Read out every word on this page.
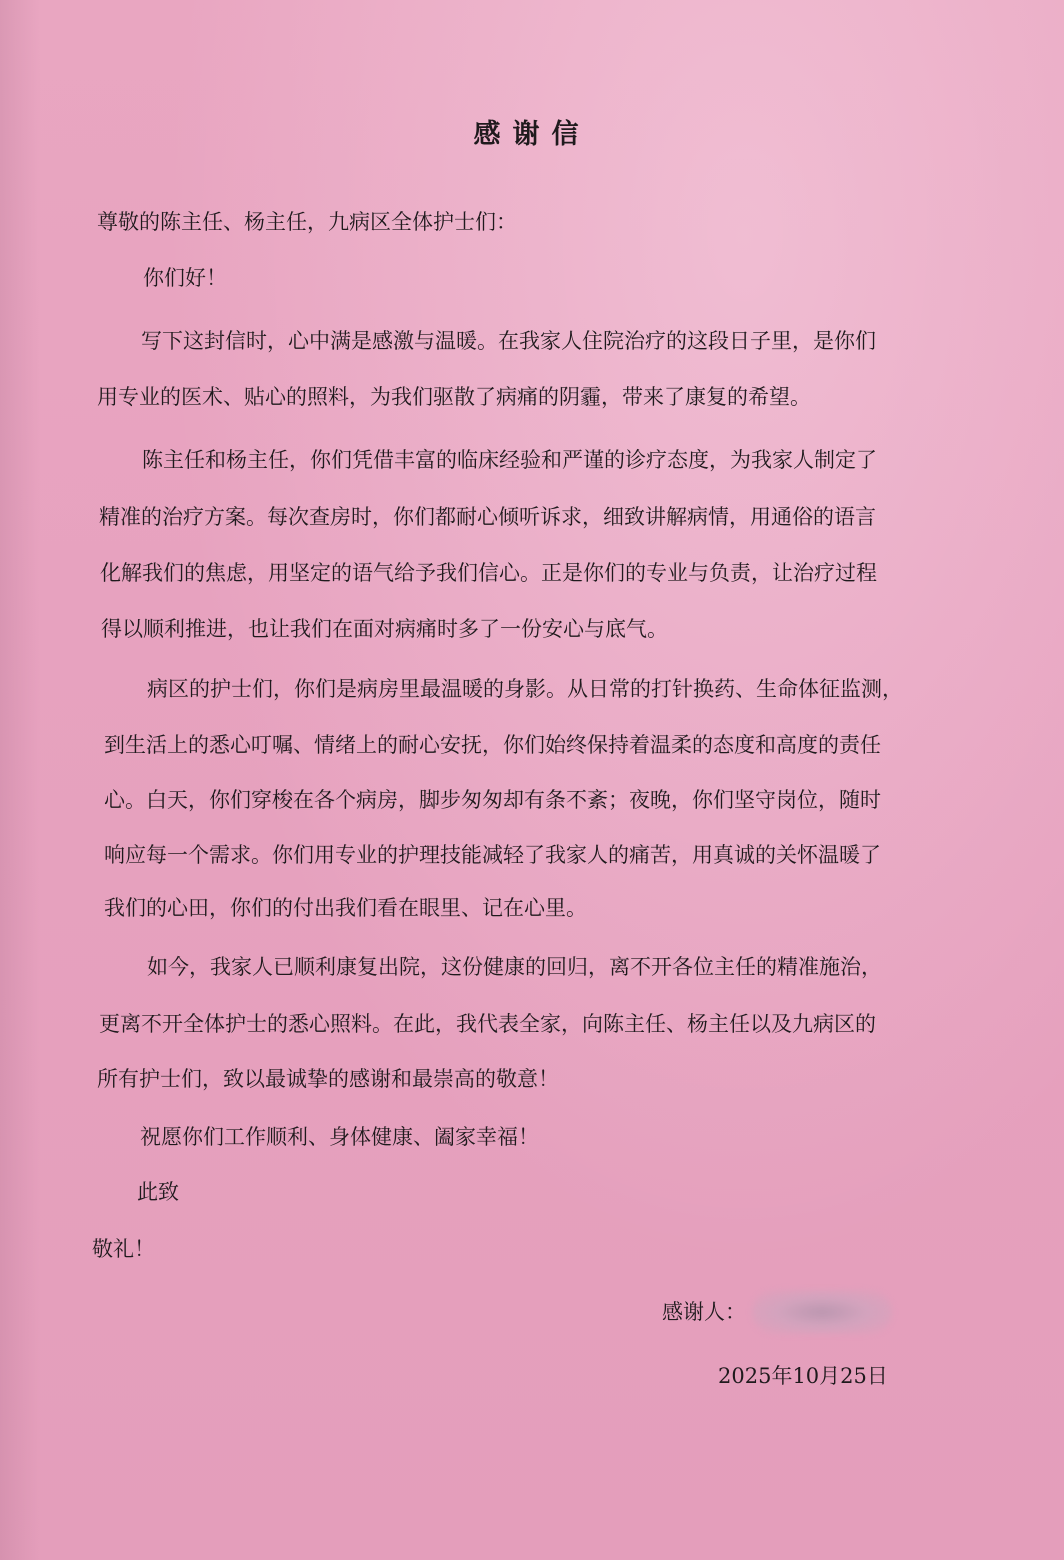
感谢信
尊敬的陈主任、杨主任，九病区全体护士们：
你们好！
写下这封信时，心中满是感激与温暖。在我家人住院治疗的这段日子里，是你们
用专业的医术、贴心的照料，为我们驱散了病痛的阴霾，带来了康复的希望。
陈主任和杨主任，你们凭借丰富的临床经验和严谨的诊疗态度，为我家人制定了
精准的治疗方案。每次查房时，你们都耐心倾听诉求，细致讲解病情，用通俗的语言
化解我们的焦虑，用坚定的语气给予我们信心。正是你们的专业与负责，让治疗过程
得以顺利推进，也让我们在面对病痛时多了一份安心与底气。
病区的护士们，你们是病房里最温暖的身影。从日常的打针换药、生命体征监测，
到生活上的悉心叮嘱、情绪上的耐心安抚，你们始终保持着温柔的态度和高度的责任
心。白天，你们穿梭在各个病房，脚步匆匆却有条不紊；夜晚，你们坚守岗位，随时
响应每一个需求。你们用专业的护理技能减轻了我家人的痛苦，用真诚的关怀温暖了
我们的心田，你们的付出我们看在眼里、记在心里。
如今，我家人已顺利康复出院，这份健康的回归，离不开各位主任的精准施治，
更离不开全体护士的悉心照料。在此，我代表全家，向陈主任、杨主任以及九病区的
所有护士们，致以最诚挚的感谢和最崇高的敬意！
祝愿你们工作顺利、身体健康、阖家幸福！
此致
敬礼！
感谢人：
2025年10月25日
